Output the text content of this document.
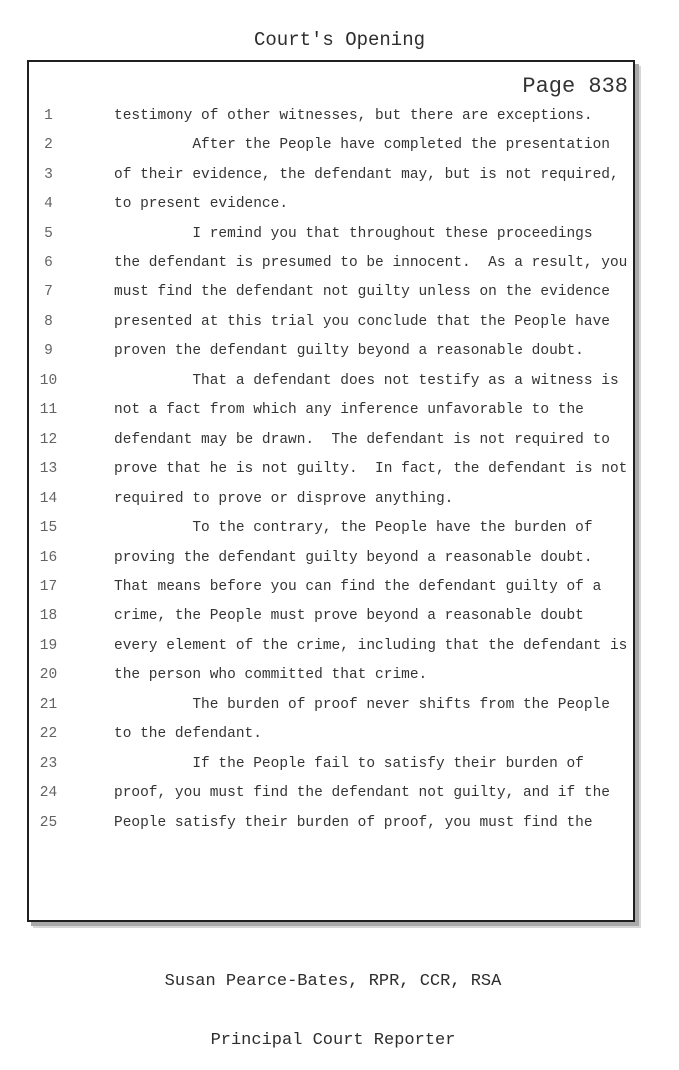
Court's Opening
Page 838
1	testimony of other witnesses, but there are exceptions.
2	After the People have completed the presentation
3	of their evidence, the defendant may, but is not required,
4	to present evidence.
5	I remind you that throughout these proceedings
6	the defendant is presumed to be innocent.  As a result, you
7	must find the defendant not guilty unless on the evidence
8	presented at this trial you conclude that the People have
9	proven the defendant guilty beyond a reasonable doubt.
10	That a defendant does not testify as a witness is
11	not a fact from which any inference unfavorable to the
12	defendant may be drawn.  The defendant is not required to
13	prove that he is not guilty.  In fact, the defendant is not
14	required to prove or disprove anything.
15	To the contrary, the People have the burden of
16	proving the defendant guilty beyond a reasonable doubt.
17	That means before you can find the defendant guilty of a
18	crime, the People must prove beyond a reasonable doubt
19	every element of the crime, including that the defendant is
20	the person who committed that crime.
21	The burden of proof never shifts from the People
22	to the defendant.
23	If the People fail to satisfy their burden of
24	proof, you must find the defendant not guilty, and if the
25	People satisfy their burden of proof, you must find the

Susan Pearce-Bates, RPR, CCR, RSA

Principal Court Reporter
